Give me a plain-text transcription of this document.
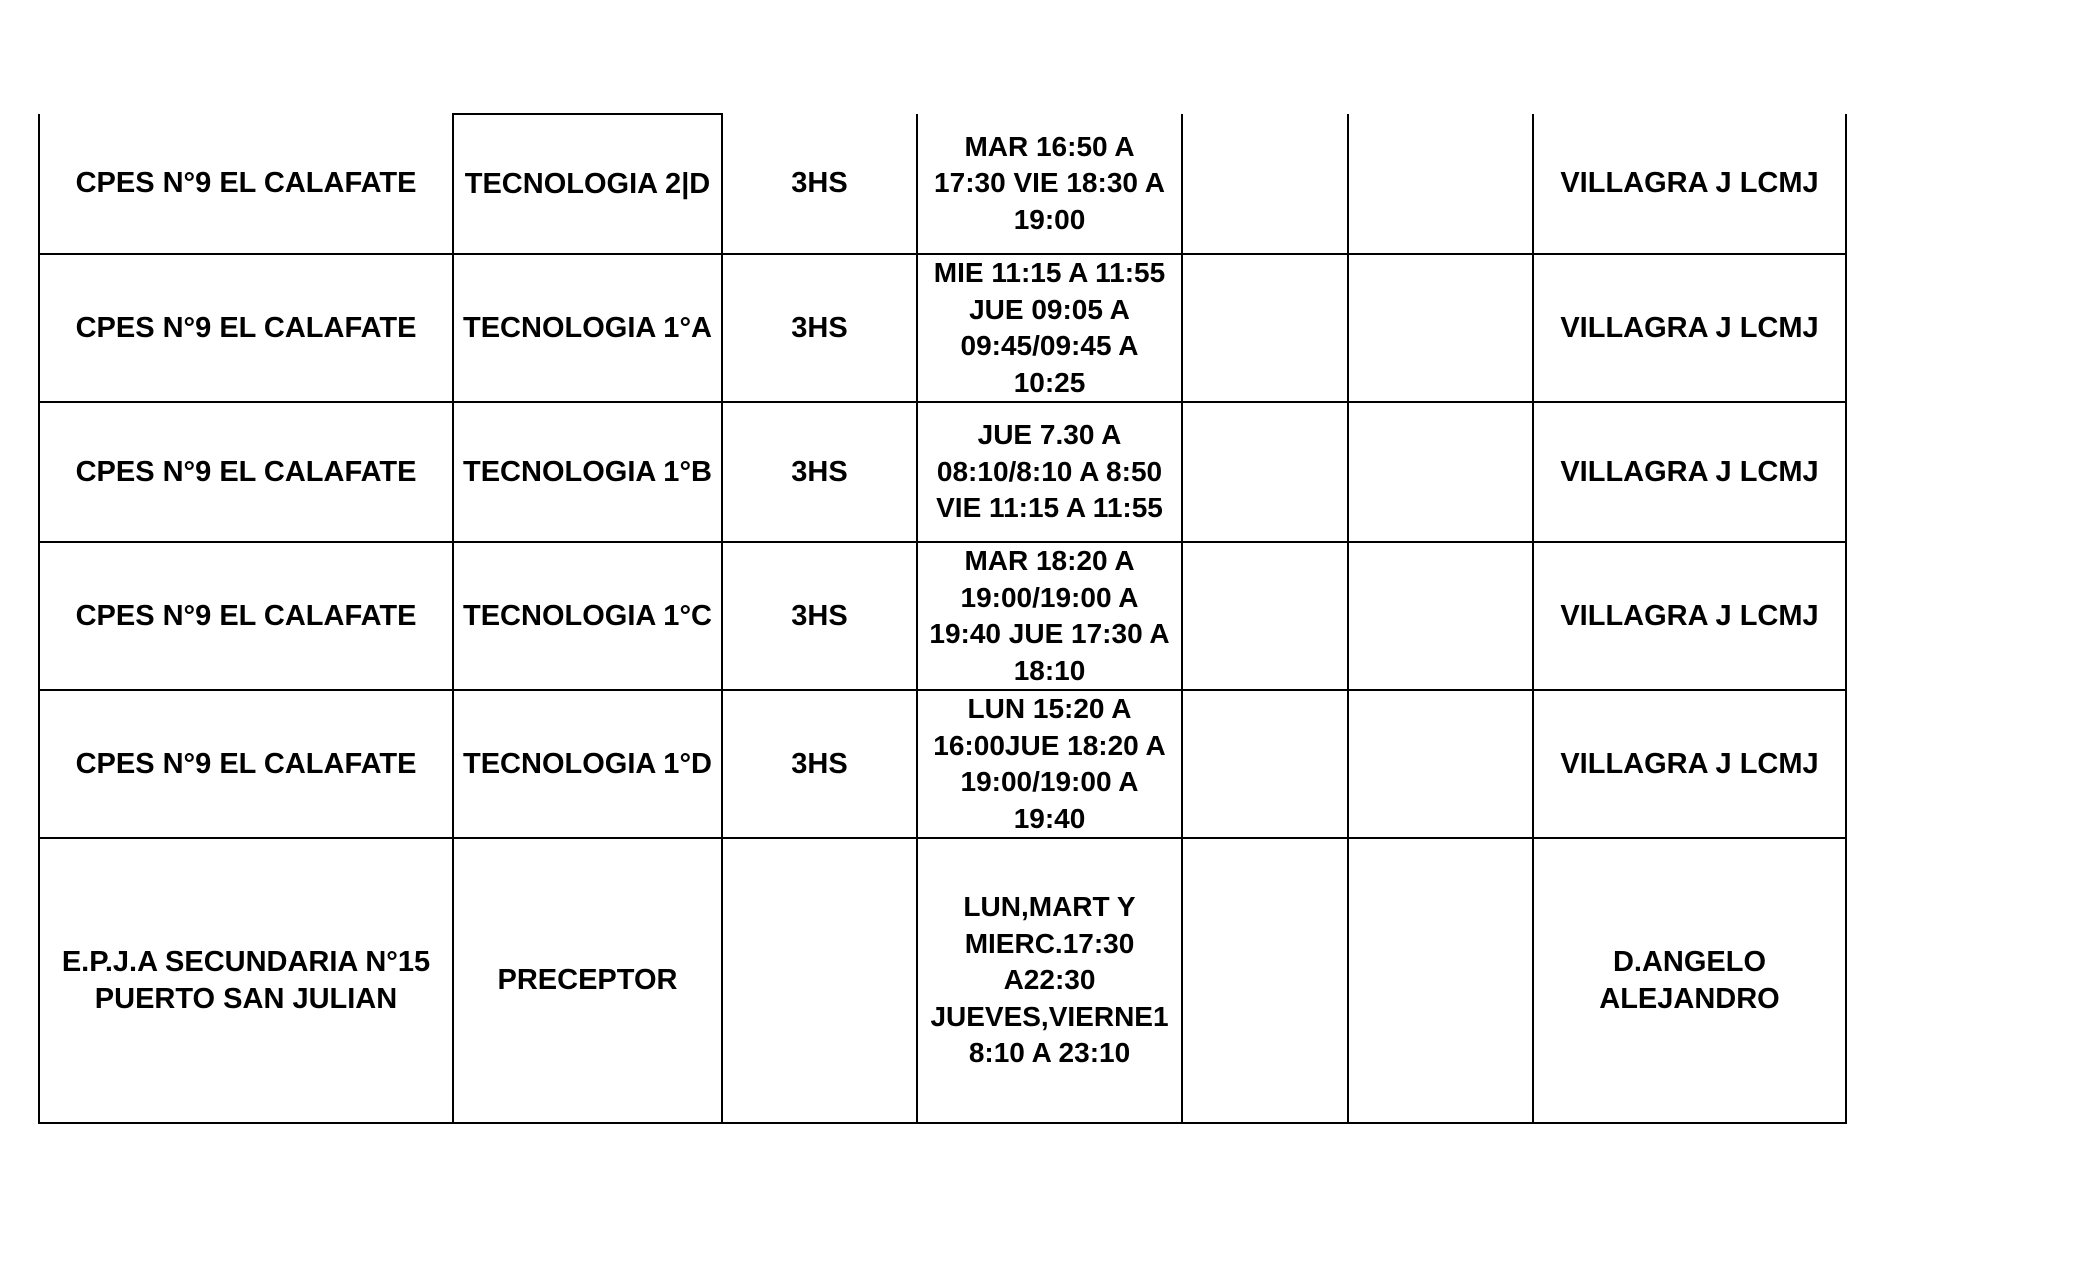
CPES N°9 EL CALAFATE	TECNOLOGIA 2|D	3HS	MAR 16:50 A
17:30 VIE 18:30 A
19:00			VILLAGRA J LCMJ
CPES N°9 EL CALAFATE	TECNOLOGIA 1°A	3HS	MIE 11:15 A 11:55
JUE 09:05 A
09:45/09:45 A
10:25			VILLAGRA J LCMJ
CPES N°9 EL CALAFATE	TECNOLOGIA 1°B	3HS	JUE 7.30 A
08:10/8:10 A 8:50
VIE 11:15 A 11:55			VILLAGRA J LCMJ
CPES N°9 EL CALAFATE	TECNOLOGIA 1°C	3HS	MAR 18:20 A
19:00/19:00 A
19:40 JUE 17:30 A
18:10			VILLAGRA J LCMJ
CPES N°9 EL CALAFATE	TECNOLOGIA 1°D	3HS	LUN 15:20 A
16:00JUE 18:20 A
19:00/19:00 A
19:40			VILLAGRA J LCMJ
E.P.J.A SECUNDARIA N°15
PUERTO SAN JULIAN	PRECEPTOR		LUN,MART Y
MIERC.17:30
A22:30
JUEVES,VIERNE1
8:10 A 23:10			D.ANGELO
ALEJANDRO
